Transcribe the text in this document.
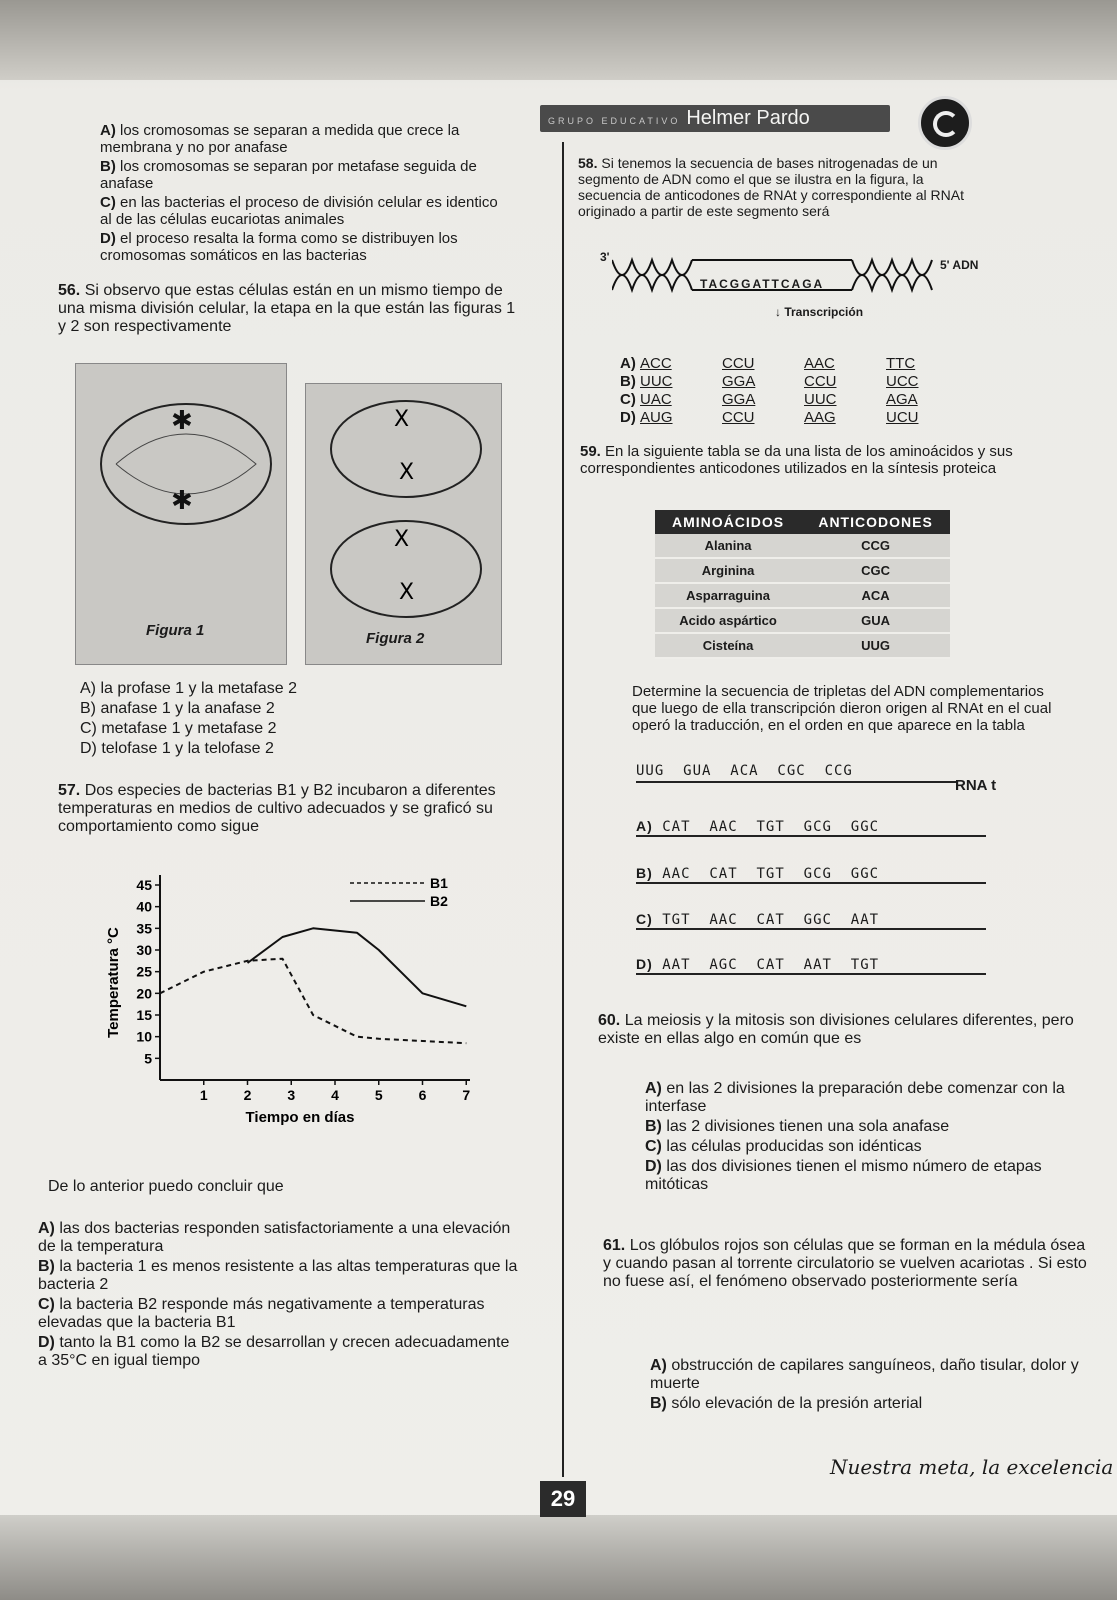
GRUPO EDUCATIVO Helmer Pardo
A) los cromosomas se separan a medida que crece la membrana y no por anafase
B) los cromosomas se separan por metafase seguida de anafase
C) en las bacterias el proceso de división celular es identico al de las células eucariotas animales
D) el proceso resalta la forma como se distribuyen los cromosomas somáticos en las bacterias
56. Si observo que estas células están en un mismo tiempo de una misma división celular, la etapa en la que están las figuras 1 y 2 son respectivamente
✱
✱
Figura 1
X
X
X
X
Figura 2
A) la profase 1 y la metafase 2
B) anafase 1 y la anafase 2
C) metafase 1 y metafase 2
D) telofase 1 y la telofase 2
57. Dos especies de bacterias B1 y B2 incubaron a diferentes temperaturas en medios de cultivo adecuados y se graficó su comportamiento como sigue
5
10
15
20
25
30
35
40
45
1	2	3	4	5	6	7
Tiempo en días
Temperatura °C
B1
B2
De lo anterior puedo concluir que
A) las dos bacterias responden satisfactoriamente a una elevación de la temperatura
B) la bacteria 1 es menos resistente a las altas temperaturas que la bacteria 2
C) la bacteria B2 responde más negativamente a temperaturas elevadas que la bacteria B1
D) tanto la B1 como la B2 se desarrollan y crecen adecuadamente a 35°C en igual tiempo
58. Si tenemos la secuencia de bases nitrogenadas de un segmento de ADN como el que se ilustra en la figura, la secuencia de anticodones de RNAt y correspondiente al RNAt originado a partir de este segmento será
3'
5' ADN
TACGGATTCAGA
↓ Transcripción
A) ACC	CCU	AAC	TTC
B) UUC	GGA	CCU	UCC
C) UAC	GGA	UUC	AGA
D) AUG	CCU	AAG	UCU
59. En la siguiente tabla se da una lista de los aminoácidos y sus correspondientes anticodones utilizados en la síntesis proteica
AMINOÁCIDOS	ANTICODONES
Alanina	CCG
Arginina	CGC
Asparraguina	ACA
Acido aspártico	GUA
Cisteína	UUG
Determine la secuencia de tripletas del ADN complementarios que luego de ella transcripción dieron origen al RNAt en el cual operó la traducción, en el orden en que aparece en la tabla
UUG  GUA  ACA  CGC  CCG
RNA t
A) CAT  AAC  TGT  GCG  GGC
B) AAC  CAT  TGT  GCG  GGC
C) TGT  AAC  CAT  GGC  AAT
D) AAT  AGC  CAT  AAT  TGT
60. La meiosis y la mitosis son divisiones celulares diferentes, pero existe en ellas algo en común que es
A) en las 2 divisiones la preparación debe comenzar con la interfase
B) las 2 divisiones tienen una sola anafase
C) las células producidas son idénticas
D) las dos divisiones tienen el mismo número de etapas mitóticas
61. Los glóbulos rojos son células que se forman en la médula ósea y cuando pasan al torrente circulatorio se vuelven acariotas . Si esto no fuese así, el fenómeno observado posteriormente sería
A) obstrucción de capilares sanguíneos, daño tisular, dolor y muerte
B) sólo elevación de la presión arterial
Nuestra meta, la excelencia
29
